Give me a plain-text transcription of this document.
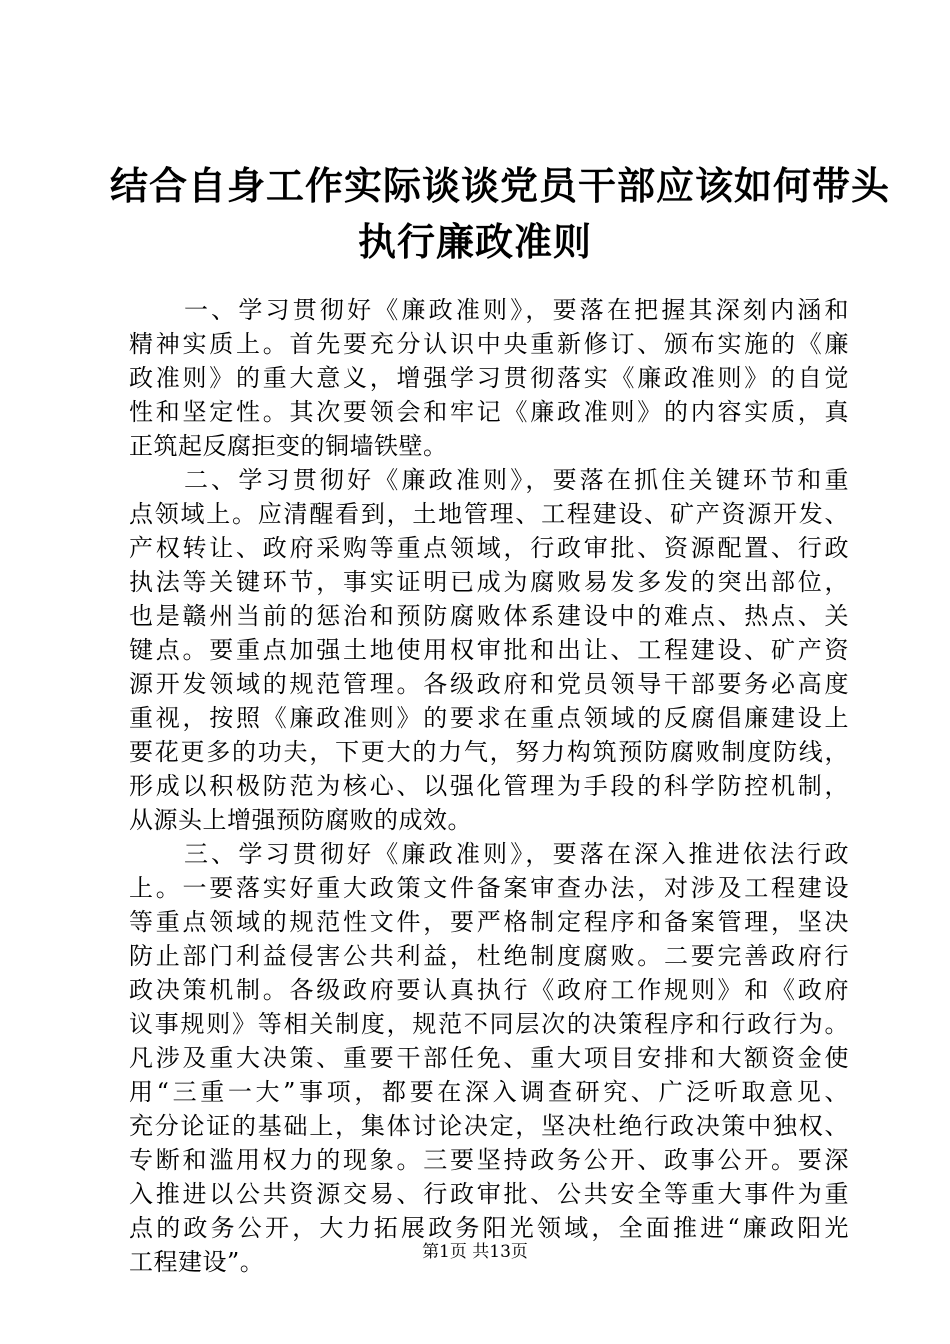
结合自身工作实际谈谈党员干部应该如何带头
执行廉政准则

一、学习贯彻好《廉政准则》，要落在把握其深刻内涵和
精神实质上。首先要充分认识中央重新修订、颁布实施的《廉
政准则》的重大意义，增强学习贯彻落实《廉政准则》的自觉
性和坚定性。其次要领会和牢记《廉政准则》的内容实质，真
正筑起反腐拒变的铜墙铁壁。

二、学习贯彻好《廉政准则》，要落在抓住关键环节和重
点领域上。应清醒看到，土地管理、工程建设、矿产资源开发、
产权转让、政府采购等重点领域，行政审批、资源配置、行政
执法等关键环节，事实证明已成为腐败易发多发的突出部位，
也是赣州当前的惩治和预防腐败体系建设中的难点、热点、关
键点。要重点加强土地使用权审批和出让、工程建设、矿产资
源开发领域的规范管理。各级政府和党员领导干部要务必高度
重视，按照《廉政准则》的要求在重点领域的反腐倡廉建设上
要花更多的功夫，下更大的力气，努力构筑预防腐败制度防线，
形成以积极防范为核心、以强化管理为手段的科学防控机制，
从源头上增强预防腐败的成效。

三、学习贯彻好《廉政准则》，要落在深入推进依法行政
上。一要落实好重大政策文件备案审查办法，对涉及工程建设
等重点领域的规范性文件，要严格制定程序和备案管理，坚决
防止部门利益侵害公共利益，杜绝制度腐败。二要完善政府行
政决策机制。各级政府要认真执行《政府工作规则》和《政府
议事规则》等相关制度，规范不同层次的决策程序和行政行为。
凡涉及重大决策、重要干部任免、重大项目安排和大额资金使
用“三重一大”事项，都要在深入调查研究、广泛听取意见、
充分论证的基础上，集体讨论决定，坚决杜绝行政决策中独权、
专断和滥用权力的现象。三要坚持政务公开、政事公开。要深
入推进以公共资源交易、行政审批、公共安全等重大事件为重
点的政务公开，大力拓展政务阳光领域，全面推进“廉政阳光
工程建设”。	第1页 共13页
